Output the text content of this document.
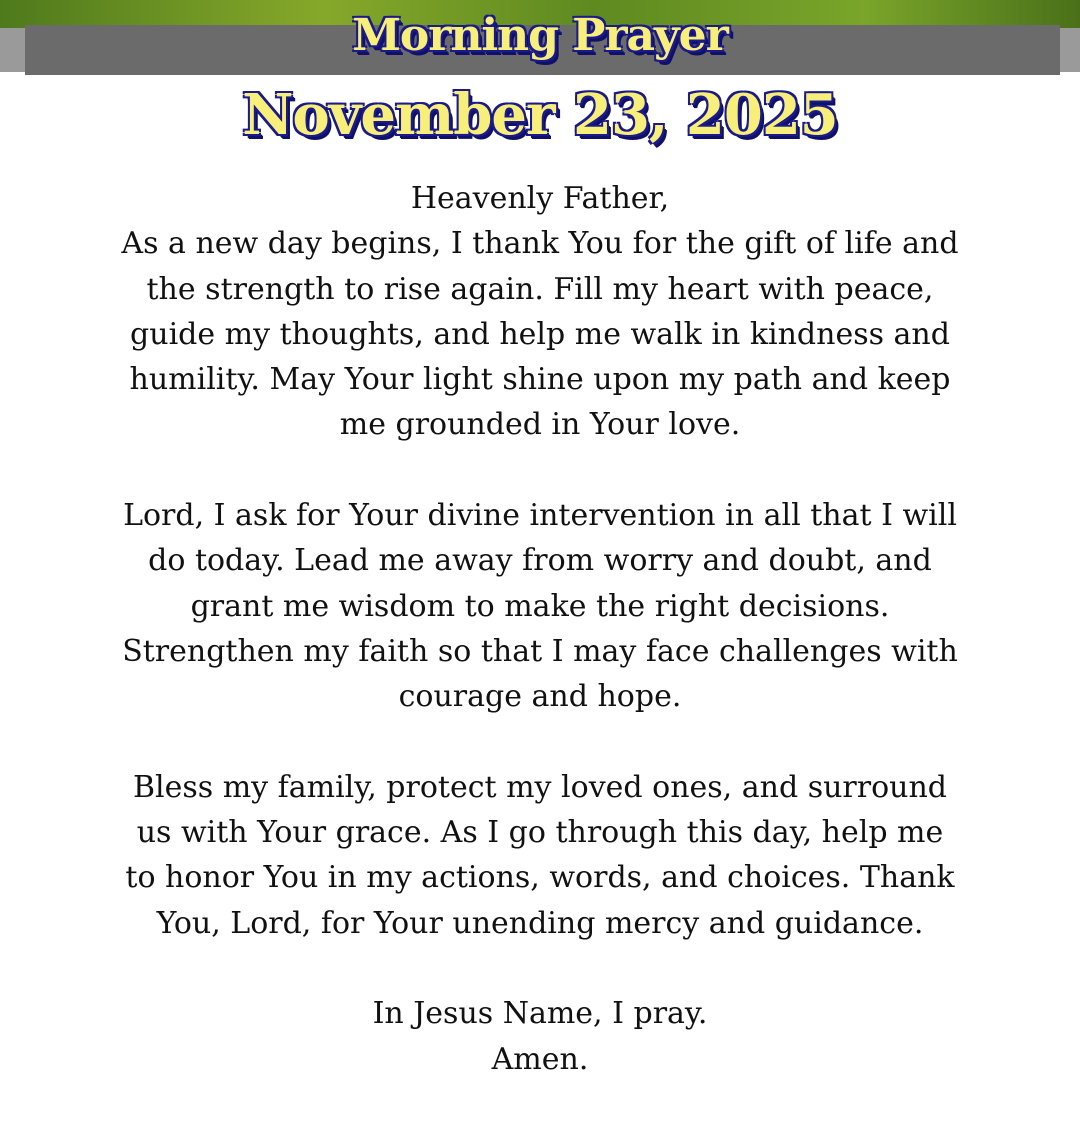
Morning Prayer
November 23, 2025
Heavenly Father,
As a new day begins, I thank You for the gift of life and
the strength to rise again. Fill my heart with peace,
guide my thoughts, and help me walk in kindness and
humility. May Your light shine upon my path and keep
me grounded in Your love.
Lord, I ask for Your divine intervention in all that I will
do today. Lead me away from worry and doubt, and
grant me wisdom to make the right decisions.
Strengthen my faith so that I may face challenges with
courage and hope.
Bless my family, protect my loved ones, and surround
us with Your grace. As I go through this day, help me
to honor You in my actions, words, and choices. Thank
You, Lord, for Your unending mercy and guidance.
In Jesus Name, I pray.
Amen.
